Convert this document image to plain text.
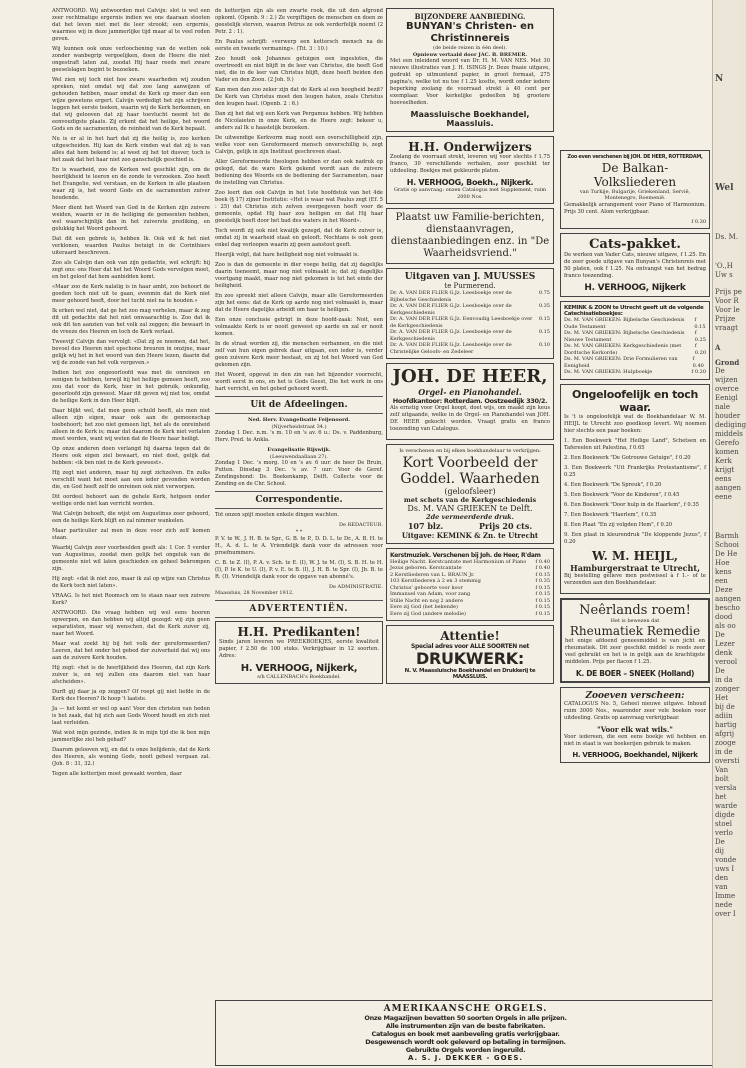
ANTWOORD. Wij antwoorden met Calvijn: slot is wel een zeer rechtmatige ergernis indien we ons daaraan stooten dat het leven niet met de leer strookt; een ergernis, waarmee wij in deze jammerlijke tijd maar al te veel reden geven.

Wij kunnen ook onze verloochening van de wetten ook zonder wanbegrip vergoelijken, doen de Heere die niet ongestraft laten zal, zoodat Hij haar reeds met zware geeselslagen begint te bezoeken.

Wel zien wij toch niet hoe zware waarheden wij zouden spreken, niet omdat wij dat zoo lang aanwijzen of gehouden hebben, maar omdat de Kerk op meer dan een wijze gewetens ergert. Calvijn verdedigt het zijn schrijven leggen het eerste teeken, waarin wij de Kerk herkennen, en dat wij gelooven dat zij haar toevlucht neemt tot de eenvoudigste plaats. Zij erkent dat het heilige, het woord Gods en de sacramenten, de reinheid van de Kerk bepaalt.

Nu is er al in het hart dat zij die heilig is, zoo kerken uitgescheiden. Hij kan de Kerk vinden wat dat zij is van alles dat hem bekend is; al weet zij het tot dusver, toch is het zaak dat het haar niet zoo ganschelijk geschied is.

En is waarheid, zoo de Kerken wel geschikt zijn, om de heerlijkheid te leeren en de zonde te verzoeken. Zoo heeft het Evangelie, wel verstaan, en de Kerken in alle plaatsen waar zij is, het woord Gods en de sacramenten zuiver houdende.

Meer dient het Woord van God in de Kerken zijn zuivere weiden, waarin er in de heiliging de gemeenten hebben, wel waarschijnlijk dan in het zuiverste prediking, en gelukkig het Woord gehoord.

Dat dit een gebrek is, hebben Ik. Ook wil ik het niet verklonen, waarden Paulus betuigt in de Corinthiers uiteraard beschreven.

Zoo als Calvijn dan ook van zijn gedachte, wel schrijft: hij zegt ons: ons Heer dat het het Woord Gods vervolgen moet, en het geloof dat hem aanbidden komt.

«Maar zoo de Kerk nalatig is in haar ambt, zoo behoort de goeden toch niet uit te gaan, evenmin dat de Kerk niet meer gehoord heeft, door het tucht niet na te houden.»

Ik erken wel niet, dat ge het zoo mag verhelen, maar ik zeg dit uit gedachte dat het niet onwaarachtig is. Zoo dat ik ook dit ten aanzien van het volk zal zeggen; die bewaart in de vreeze des Heeren en toch de Kerk verlaat.

Tweevijf Calvijn dan vervolgt: «Dat zij ze noemen, dat het, bevoel des Heeren niet opschone breuren in onzijne, maar gelijk wij het in het woord van den Heere lezen, daarin dat wij de zonde van het volk vergeven.»

Indien het zoo ongeoorloofd was met de onreinen en eenigen te hebben, terwijl hij het heilige gemeen heeft, zoo zou dat voor de Kerk, hier in het gebruik, onkundig, geoorloofd zijn geweest. Maar dit geven wij niet toe, omdat de heilige Kerk in den Heer blijft.

Daar blijkt wel, dat men geen schuld heeft, als men niet alleen zijn eigen, maar ook aan de gemeenschap toebehoort; het zoo niet gemeen ligt, het als de onreinheid alleen in de Kerk is; maar dat daarom de Kerk niet verlaten moet worden, want wij weten dat de Heere haar heiligt.

Op onze anderen doen verlangd hij daarna tegen dat de Heere ook eigen ziel bewaart, en niet doet, gelijk dat hebben: «ik ben niet in de Kerk geweest».

Hij zegt niet anderen, maar hij zegt zichzelven. En zulks verschilt want het moet aan een ieder gevonden worden die, en God heeft zelf de onreinen ook niet verworpen.

Dit oordeel behoort aan de gehele Kerk, hetgeen onder wettige orde niet kan verricht worden.

Wat Calvijn behoeft, die wijst om Augustinus zeer gehoord, een de heilige Kerk blijft en zal nimmer wankelen.

Maar particulier zal men in deze voor zich zelf komen staan.

Waarbij Calvijn zeer voorbeelden geeft als: 1 Cor. 5 verder van Augustinus, zoodat men gelijk het ongeluk van de gemeente niet wil laten geschieden en geheel bekrompen zijn.

Hij zegt: «dat ik niet zoo, maar ik zal op wijze van Christus de Kerk toch niet laten».

VRAAG. Is het niet Roomsch om te staan naar een zuivere Kerk?

ANTWOORD. Die vraag hebben wij wel eens hooren opwerpen, en dan hebben wij altijd gezegd: wij zijn geen separatisten, maar wij wenschen, dat de Kerk zuiver zij, naar het Woord.

Maar wat zoekt hij bij het volk der gereformeerden? Leeren, dat het onder het gebed der zuiverheid dat wij ons aan de zuivere Kerk houden.

Hij zegt: «het is de heerlijkheid des Heeren, dat zijn Kerk zuiver is, en wij zullen ons daarom niet van haar afscheiden».

Durft gij daar ja op zeggen? Of roept gij niet liefde in de Kerk des Heeren? Ik hoop 't laatste.

Ja — het komt er wel op aan! Voor den christen van heden is het zaak, dat hij zich aan Gods Woord houdt en zich niet laat verleiden.

Wat wist mijn gezinde, indien ik in mijn tijd die ik ben mijn jammerlijke ziel heb gehad?

Daarom gelooven wij, en dat is onze belijdenis, dat de Kerk des Heeren, als woning Gods, nooit geheel vergaan zal. (Joh. 8 : 31, 32.)

Tegen alle ketterijen moet gewaakt worden, daar

de ketterijen zijn als een zwarte rook, die uit den afgrond opkomt. (Openb. 9 : 2.) Ze vergiftigen de menschen en doen ze geestelijk sterven, waaron Petrus ze ook verderfelijk noemt (2 Petr. 2 : 1).

En Paulus schrijft: «verwerp een kettersch mensch na de eerste en tweede vermaning». (Tit. 3 : 10.)

Zoo houdt ook Johannes getuigen een ingesloten, die overtreedt en niet blijft in de leer van Christus, die heeft God niet, die in de leer van Christus blijft, deze heeft beiden den Vader en den Zoon. (2 Joh. 9.)

Kan men dan zoo zeker zijn dat de Kerk al een hoogheid bezit? De Kerk van Christus moet den leugen haten, zoals Christus den leugen haat. (Openb. 2 : 6.)

Dan zij het dat wij een Kerk van Pergamus hebben. Wij hebben de Nicolaieten in onze Kerk, en de Heere zegt: bekeer u, anders zal Ik u haastelijk bezoeken.

De uitwendige Kerkvorm mag nooit een overschilligheid zijn, welke voor een Gereformeerd mensch onverschillig is, zegt Calvijn, gelijk in zijn Instituut geschreven staat.

Aller Gereformeerde theologen hebben er dan ook nadruk op gelegd, dat de ware Kerk gekend wordt aan de zuivere bediening des Woords en de bediening der Sacramenten, naar de instelling van Christus.

Zoo leert dan ook Calvijn in het 1ste hoofdstuk van het 4de boek (§ 17) zijner Institutie: «Het is waar wat Paulus zegt (Ef. 5 : 25) dat Christus zich zelven overgegeven heeft voor de gemeente, opdat Hij haar zou heiligen en dat Hij haar geestelijk heeft door het bad des waters in het Woord».

Toch wordt zij ook niet kwalijk gezegd, dat de Kerk zuiver is, omdat zij in waarheid staat en gelooft. Nochtans is ook geen enkel dag verloopen waarin zij geen aanstoot geeft.

Heerijk volgt, dat hare heiligheid nog niet volmaakt is.

Zoo is dan de gemeente in dier voege heilig, dat zij dagelijks daarin toeneemt, maar nog niet volmaakt is; dat zij dagelijks voortgang maakt, maar nog niet gekomen is tot het einde der heiligheid.

En zoo spreekt niet alleen Calvijn, maar alle Gereformeerden zijn het eens: dat de Kerk op aarde nog niet volmaakt is, maar dat de Heere dagelijks arbeidt om haar te heiligen.

Een onze conclusie getrigt in deze hoofd-zaak: Noit, een volmaakte Kerk is er nooit geweest op aarde en zal er nooit komen.

In de straat worden zij, die menschen verbannen, en die niet zelf van hun eigen gebrek daar uitgaan, een ieder is, verder geen zuivere Kerk meer bestaat, en zij tot het Woord van God gekomen zijn.

Het Woord, opgevat in den zin van het bijzonder voorrecht, wordt eerst in ons, en het is Gods Geest, Die het werk in ons hart verricht, en het gebed gehoord wordt.

Uit de Afdeelingen.
Ned. Herv. Evangelisatie Feijenoord.
(Nijverheidstraat 34.)

Zondag 1 Dec. n.m. 's m. 10 en 's av. 6 u.: Ds. v. Paddenburg, Herv. Pred. te Ankla.

Evangelisatie Rijswijk.
(Leeuwendaallaan 27).

Zondag 1 Dec. 's morg. 10 en 's av. 6 uur: de heer De Bruin, Putten. Dinsdag 3 Dec. 's av. 7 uur: Voor de Geref. Zendingsbond: Ds. Boekenkamp, Delft. Collecte voor de Zending en de Chr. School.

Correspondentie.

Tot onzen spijt moeten enkele dingen wachten.

De REDACTEUR.
* *

P. V. te W., J. H. B. te Spr., G. B. te P., D. D. L. te Dr., A. B. H. te H., A. d. L. te A. Vriendelijk dank voor de adressen voor proefnummers.

C. B. te Z. (I), P. A. v. Sch. te E. (I), W. J. te M. (I), S. B. H. te H. (I), P. Ie K. te U. (I), P. v. E. te B. (I), J. H. B. te Spr. (I), Jb. B. te R. (I). Vriendelijk dank voor de opgave van abonné's.

De ADMINISTRATIE.
Maassluis, 28 November 1912.
ADVERTENTIËN.
H.H. Predikanten!

Sinds jaren leveren we PREEKBOEKJES, eerste kwaliteit papier, f 2.50 de 100 stuks. Verkrijgbaar in 12 soorten. Adres:

H. VERHOOG, Nijkerk,
s/h CALLENBACH's Boekhandel.
BIJZONDERE AANBIEDING.
BUNYAN's Christen- en Christinnereis
(de beide reizen in één deel).
Opnieuw vertaald door JAC. B. BREMER.

Met een inleidend woord van Dr. H. M. VAN NES. Met 30 nieuwe illustraties van J. H. ISINGS Jr. Deze fraaie uitgave, gedrukt op uitmuntend papier, in groot formaat, 275 pagina's, welke tot nu toe f 1.25 kostte, wordt onder iedere beperking zoolang de voorraad strekt à 40 cent per exemplaar. Voor kerkelijke gedeelten bij grootere hoeveelheden.

Maassluische Boekhandel, Maassluis.
H.H. Onderwijzers

Zoolang de voorraad strekt, leveren wij voor slechts f 1.75 franco, 30 verschillende verhalen, zeer geschikt ter uitdeeling. Boekjes met gekleurde platen.

H. VERHOOG, Boekh., Nijkerk.
Gratis op aanvraag: onzen Catalogus met Supplement, ruim 2000 Nos.
Plaatst uw Familie-berichten, dienstaanvragen, dienstaanbiedingen enz. in "De Waarheidsvriend."
Uitgaven van J. MUUSSES
te Purmerend.
Dr. A. VAN DER FLIER G.Jz. Leesboekje over de Bijbelsche Geschiedenis
0.75
Dr. A. VAN DER FLIER G.Jz. Leesboekje over de Kerkgeschiedenis
0.35
Dr. A. VAN DER FLIER G.Jz. Eenvoudig Leesboekje over de Kerkgeschiedenis
0.15
Dr. A. VAN DER FLIER G.Jz. Leesboekje over de Kerkgeschiedenis
0.15
Dr. A. VAN DER FLIER G.Jz. Leesboekje over de Christelijke Geloofs- en Zedeleer
0.10
JOH. DE HEER,
Orgel- en Pianohandel.
Hoofdkantoor: Rotterdam. Oostzeedijk 330/2.

Als ernstig voor Orgel koopt, doet wijs, om maakt zijn keus zelf uitgaande, welke in de Orgel- en Pianohandel van JOH. DE HEER gekocht worden. Vraagt gratis en franco toezending van Catalogus.

Is verschenen en bij elken boekhandelaar te verkrijgen:
Kort Voorbeeld der Goddel. Waarheden
(geloofsleer)
met schets van de Kerkgeschiedenis
Ds. M. VAN GRIEKEN te Delft.
2de vermeerderde druk.
107 blz.	Prijs 20 cts.
Uitgave: KEMINK & Zn. te Utrecht
Kerstmuziek. Verschenen bij Joh. de Heer, R'dam
Heilige Nacht. Kerstcantate met Harmonium of Piano f 0.40
Jezus geboren. Kerstcantate	f 0.40
2 Kerstliederen van L. BRAUN Jr.	f 0.15
103 Kerstliederen à 2 en 3 stemmig	f 0.35
Christus' geboorte voor koor	f 0.15
Immanuel van Adam, voor zang	f 0.15
Stille Nacht en nog 2 andere	f 0.15
Eere zij God (het bekende)	f 0.15
Eere zij God (andere melodie)	f 0.15
Attentie!
Special adres voor ALLE SOORTEN net
DRUKWERK:
N. V. Maassluische Boekhandel en Drukkerij te MAASSLUIS.
Zoo even verschenen bij JOH. DE HEER, ROTTERDAM,
De Balkan-Volksliederen
van Turkije, Bulgarije, Griekenland, Servië, Montenegro, Roemenië.

Gemakkelijk arrangement voor Piano of Harmonium. Prijs 30 cent. Alom verkrijgbaar.

f 0.30
Cats-pakket.

De werken van Vader Cats, nieuwe uitgave, f 1.25. En de zeer goede uitgave van Bunyan's Christenreis met 50 platen, ook f 1.25. Na ontvangst van het bedrag franco toezending.

H. VERHOOG, Nijkerk
KEMINK & ZOON te Utrecht geeft uit de volgende Catechisatieboekjes:
Ds. M. VAN GRIEKEN: Bijbelsche Geschiedenis Oude Testament
f 0.15
Ds. M. VAN GRIEKEN: Bijbelsche Geschiedenis Nieuwe Testament
f 0.25
Ds. M. VAN GRIEKEN: Kerkgeschiedenis (met Dordtsche Kerkorde)
f 0.20
Ds. M. VAN GRIEKEN: Drie Formulieren van Eenigheid
f 0.40
Ds. M. VAN GRIEKEN: Hulpboekje	f 0.20
Ongeloofelijk en toch waar.

Is 't is ongeloofelijk wat de Boekhandelaar W. M. HEIJL te Utrecht zoo goedkoop levert. Wij noemen hier slechts een paar boeken:

1. Een Boekwerk "Het Heilige Land", Schetsen en Tafereelen uit Palestina, f 0.65
2. Een Boekwerk "De Gotrouwe Getuige", f 0.20
3. Een Boekwerk "Uit Frankrijks Protestantisme", f 0.25
4. Een Boekwerk "De Spreuk", f 0.20
5. Een Boekwerk "Voor de Kinderen", f 0.45
6. Een Boekwerk "Door hulp in de Haarlem", f 0.35
7. Een Boekwerk "Haerlem", f 0.35
8. Een Plaat "En zij volgden Hem", f 0.20
9. Een plaat in kleurendruk "De kloppende Jezus", f 0.20
W. M. HEIJL,
Hamburgerstraat te Utrecht,

Bij bestelling gelieve men postwissel à f 1.– of te verzenden aan den Boekhandelaar.

Neêrlands roem!
Het is bewezen dat
Rheumatiek Remedie

het enige afdoend geneesmiddel is van jicht en rheumatiek. Dit zeer geschikt middel is reeds zeer veel gebruikt en het is in gelijk aan de krachtigste middelen. Prijs per flacon f 1.25.

K. DE BOER – SNEEK (Holland)
Zooeven verscheen:

CATALOGUS No. 5, Geheel nieuwe uitgave. Inhoud ruim 3000 Nos., waaronder zeer vele boeken voor uitdeeling. Gratis op aanvraag verkrijgbaar.

"Voor elk wat wils."

Voor iedereen, die een eens boekje wil hebben en niet in staat is van boekerijen gebruik te maken.

H. VERHOOG, Boekhandel, Nijkerk
AMERIKAANSCHE ORGELS.
Onze Magazijnen bevatten 50 soorten Orgels in alle prijzen.
Alle instrumenten zijn van de beste fabrikaten.
Catalogus en boek met aanbeveling gratis verkrijgbaar.
Desgewensch wordt ook geleverd op betaling in termijnen.
Gebruikte Orgels worden ingeruild.
A. S. J. DEKKER - GOES.
N
Wel
Ds. M.
'O.,H
Uw s
Prijs pe
Voor R
Voor le
Prijze
vraagt
A
Grond
De
wijzen
overce
Eenigl
nale
houder
dediging
middels
Gerefo
komen
Kerk
krijgt
eens
aangen
eene
Barmh
Schooi
De He
Hoe
kens
een
Deze
aangen
bescho
dood
als oo
De
Lezer
denk
verool
De
in da
zonger
Het
bij de
adiin
hartig
afgrij
zooge
in de
oversti
Van
bolt
versla
het
warde
digde
stoel
verlo
De
dij
vonde
uws I
den
van
Imme
nede
over I
